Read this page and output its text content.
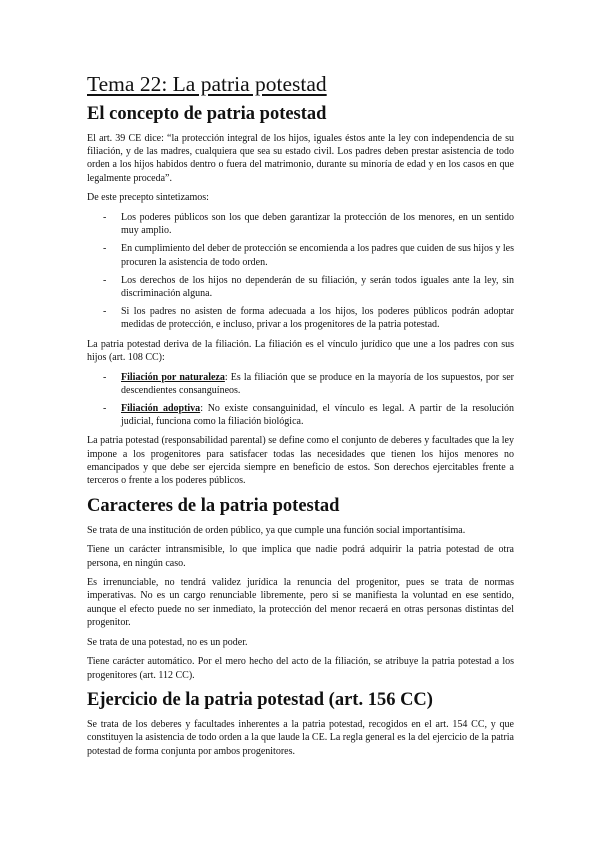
Tema 22: La patria potestad
El concepto de patria potestad

El art. 39 CE dice: “la protección integral de los hijos, iguales éstos ante la ley con independencia de su filiación, y de las madres, cualquiera que sea su estado civil. Los padres deben prestar asistencia de todo orden a los hijos habidos dentro o fuera del matrimonio, durante su minoría de edad y en los casos en que legalmente proceda”.

De este precepto sintetizamos:

- Los poderes públicos son los que deben garantizar la protección de los menores, en un sentido muy amplio.
- En cumplimiento del deber de protección se encomienda a los padres que cuiden de sus hijos y les procuren la asistencia de todo orden.
- Los derechos de los hijos no dependerán de su filiación, y serán todos iguales ante la ley, sin discriminación alguna.
- Si los padres no asisten de forma adecuada a los hijos, los poderes públicos podrán adoptar medidas de protección, e incluso, privar a los progenitores de la patria potestad.

La patria potestad deriva de la filiación. La filiación es el vínculo jurídico que une a los padres con sus hijos (art. 108 CC):

- Filiación por naturaleza: Es la filiación que se produce en la mayoría de los supuestos, por ser descendientes consanguíneos.
- Filiación adoptiva: No existe consanguinidad, el vínculo es legal. A partir de la resolución judicial, funciona como la filiación biológica.

La patria potestad (responsabilidad parental) se define como el conjunto de deberes y facultades que la ley impone a los progenitores para satisfacer todas las necesidades que tienen los hijos menores no emancipados y que debe ser ejercida siempre en beneficio de estos. Son derechos ejercitables frente a terceros o frente a los poderes públicos.

Caracteres de la patria potestad

Se trata de una institución de orden público, ya que cumple una función social importantísima.

Tiene un carácter intransmisible, lo que implica que nadie podrá adquirir la patria potestad de otra persona, en ningún caso.

Es irrenunciable, no tendrá validez jurídica la renuncia del progenitor, pues se trata de normas imperativas. No es un cargo renunciable libremente, pero si se manifiesta la voluntad en ese sentido, aunque el efecto puede no ser inmediato, la protección del menor recaerá en otras personas distintas del progenitor.

Se trata de una potestad, no es un poder.

Tiene carácter automático. Por el mero hecho del acto de la filiación, se atribuye la patria potestad a los progenitores (art. 112 CC).

Ejercicio de la patria potestad (art. 156 CC)

Se trata de los deberes y facultades inherentes a la patria potestad, recogidos en el art. 154 CC, y que constituyen la asistencia de todo orden a la que laude la CE. La regla general es la del ejercicio de la patria potestad de forma conjunta por ambos progenitores.
